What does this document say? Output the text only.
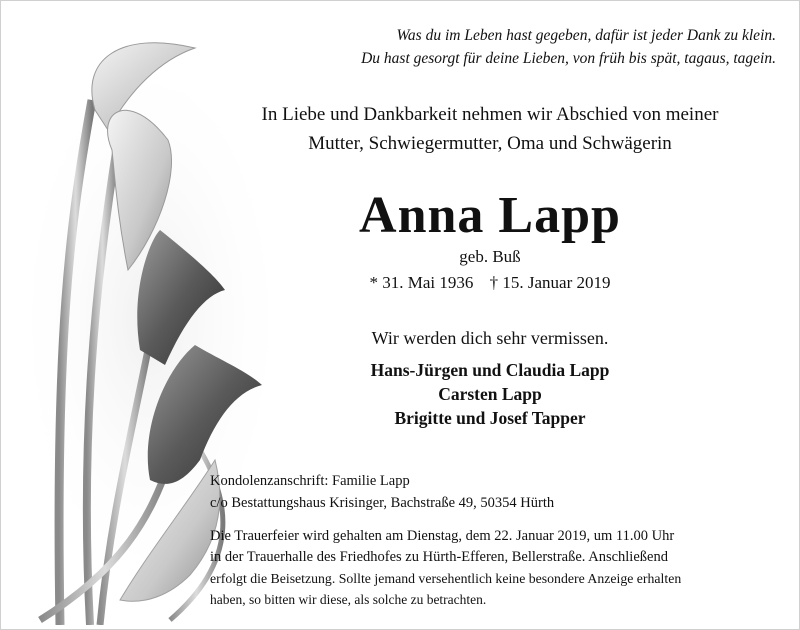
Was du im Leben hast gegeben, dafür ist jeder Dank zu klein.
Du hast gesorgt für deine Lieben, von früh bis spät, tagaus, tagein.
In Liebe und Dankbarkeit nehmen wir Abschied von meiner
Mutter, Schwiegermutter, Oma und Schwägerin
Anna Lapp
geb. Buß
* 31. Mai 1936 † 15. Januar 2019
Wir werden dich sehr vermissen.
Hans-Jürgen und Claudia Lapp
Carsten Lapp
Brigitte und Josef Tapper
Kondolenzanschrift: Familie Lapp
c/o Bestattungshaus Krisinger, Bachstraße 49, 50354 Hürth
Die Trauerfeier wird gehalten am Dienstag, dem 22. Januar 2019, um 11.00 Uhr
in der Trauerhalle des Friedhofes zu Hürth-Efferen, Bellerstraße. Anschließend
erfolgt die Beisetzung. Sollte jemand versehentlich keine besondere Anzeige erhalten
haben, so bitten wir diese, als solche zu betrachten.
